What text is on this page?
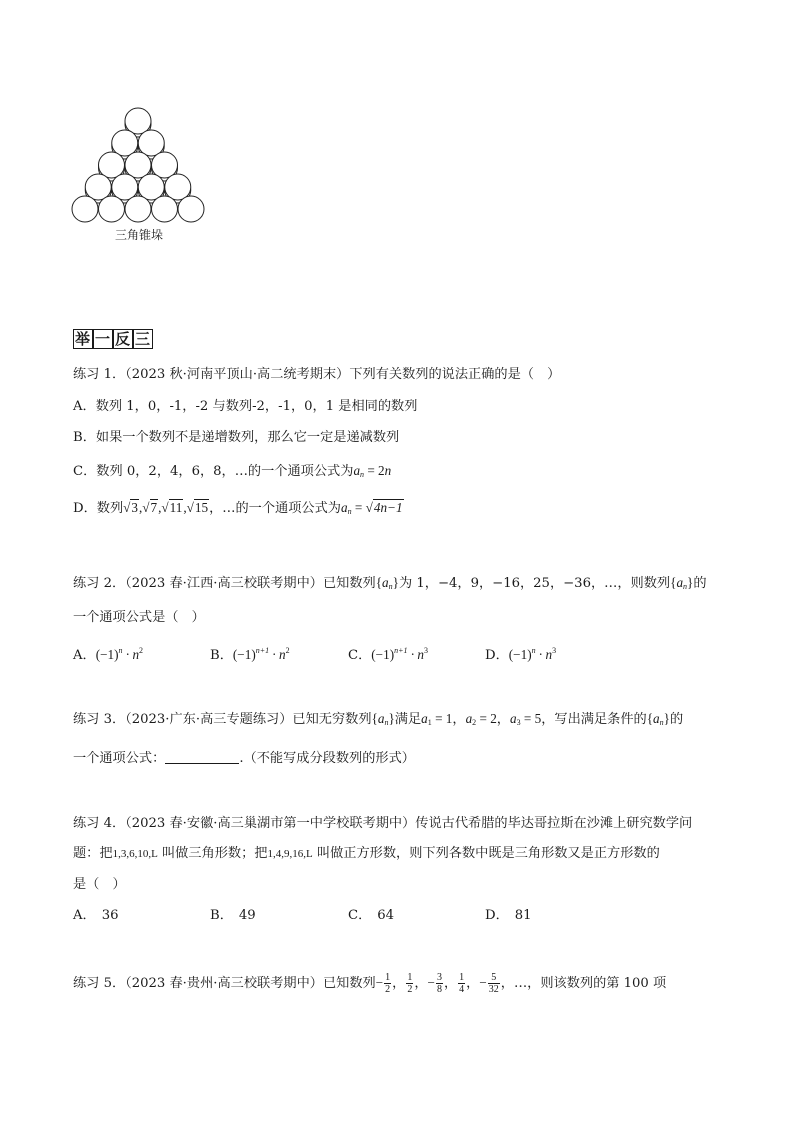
三角锥垛
举 一 反 三
练习 1．（2023 秋·河南平顶山·高二统考期末）下列有关数列的说法正确的是（　）
A．数列 1，0，-1，-2 与数列-2，-1，0，1 是相同的数列
B．如果一个数列不是递增数列，那么它一定是递减数列
C．数列 0，2，4，6，8，…的一个通项公式为$a_n = 2n$
D．数列√3,√7,√11,√15，…的一个通项公式为$a_n = √4n-1$
练习 2．（2023 春·江西·高三校联考期中）已知数列$\{a_n\}$为 1，−4，9，−16，25，−36，…，则数列$\{a_n\}$的
一个通项公式是（　）
A．$(-1)^n \cdot n^2$	B．$(-1)^{n+1} \cdot n^2$	C．$(-1)^{n+1} \cdot n^3$	D．$(-1)^n \cdot n^3$
练习 3．（2023·广东·高三专题练习）已知无穷数列$\{a_n\}$满足$a_1 = 1$，$a_2 = 2$，$a_3 = 5$，写出满足条件的$\{a_n\}$的
一个通项公式：	.（不能写成分段数列的形式）
练习 4．（2023 春·安徽·高三巢湖市第一中学校联考期中）传说古代希腊的毕达哥拉斯在沙滩上研究数学问
题：把1,3,6,10,L 叫做三角形数；把1,4,9,16,L 叫做正方形数，则下列各数中既是三角形数又是正方形数的
是（　）
A． 36	B． 49	C． 64	D． 81
练习 5．（2023 春·贵州·高三校联考期中）已知数列− $\frac{1}{2}$ ， $\frac{1}{2}$ ，− $\frac{3}{8}$ ， $\frac{1}{4}$ ，− $\frac{5}{32}$ ，…，则该数列的第 100 项
